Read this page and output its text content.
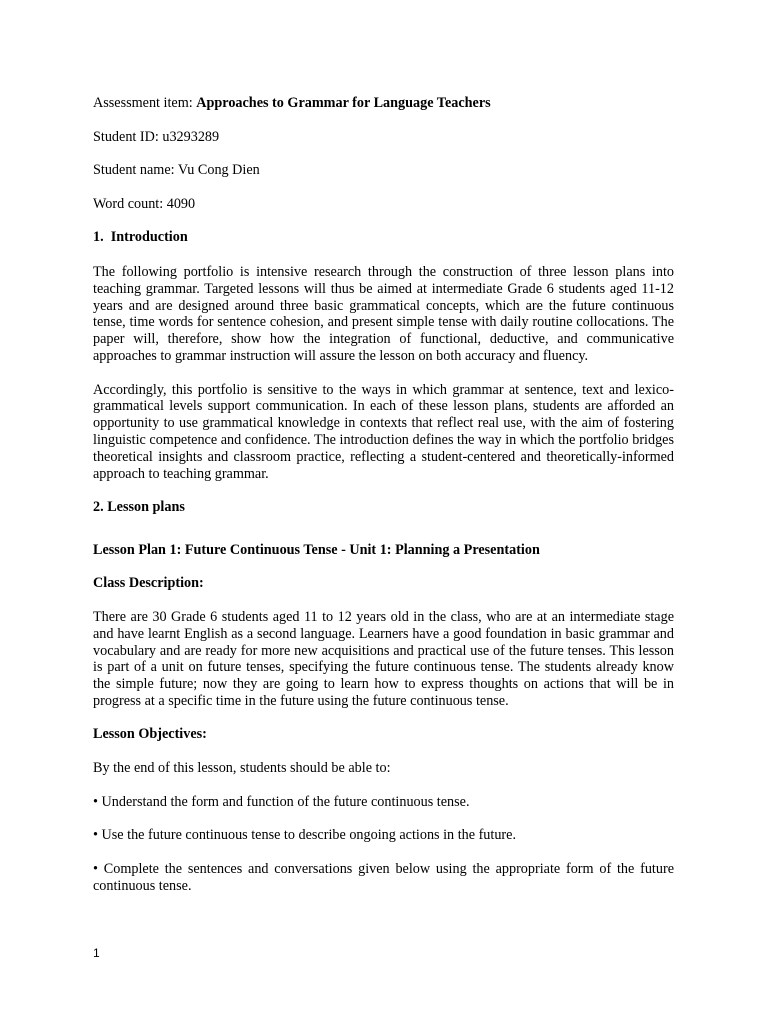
Assessment item: Approaches to Grammar for Language Teachers

Student ID: u3293289

Student name: Vu Cong Dien

Word count: 4090

1.  Introduction

The following portfolio is intensive research through the construction of three lesson plans into teaching grammar. Targeted lessons will thus be aimed at intermediate Grade 6 students aged 11-12 years and are designed around three basic grammatical concepts, which are the future continuous tense, time words for sentence cohesion, and present simple tense with daily routine collocations. The paper will, therefore, show how the integration of functional, deductive, and communicative approaches to grammar instruction will assure the lesson on both accuracy and fluency.

Accordingly, this portfolio is sensitive to the ways in which grammar at sentence, text and lexico-grammatical levels support communication. In each of these lesson plans, students are afforded an opportunity to use grammatical knowledge in contexts that reflect real use, with the aim of fostering linguistic competence and confidence. The introduction defines the way in which the portfolio bridges theoretical insights and classroom practice, reflecting a student-centered and theoretically-informed approach to teaching grammar.

2. Lesson plans

Lesson Plan 1: Future Continuous Tense - Unit 1: Planning a Presentation

Class Description:

There are 30 Grade 6 students aged 11 to 12 years old in the class, who are at an intermediate stage and have learnt English as a second language. Learners have a good foundation in basic grammar and vocabulary and are ready for more new acquisitions and practical use of the future tenses. This lesson is part of a unit on future tenses, specifying the future continuous tense. The students already know the simple future; now they are going to learn how to express thoughts on actions that will be in progress at a specific time in the future using the future continuous tense.

Lesson Objectives:

By the end of this lesson, students should be able to:

• Understand the form and function of the future continuous tense.

• Use the future continuous tense to describe ongoing actions in the future.

• Complete the sentences and conversations given below using the appropriate form of the future continuous tense.

1
